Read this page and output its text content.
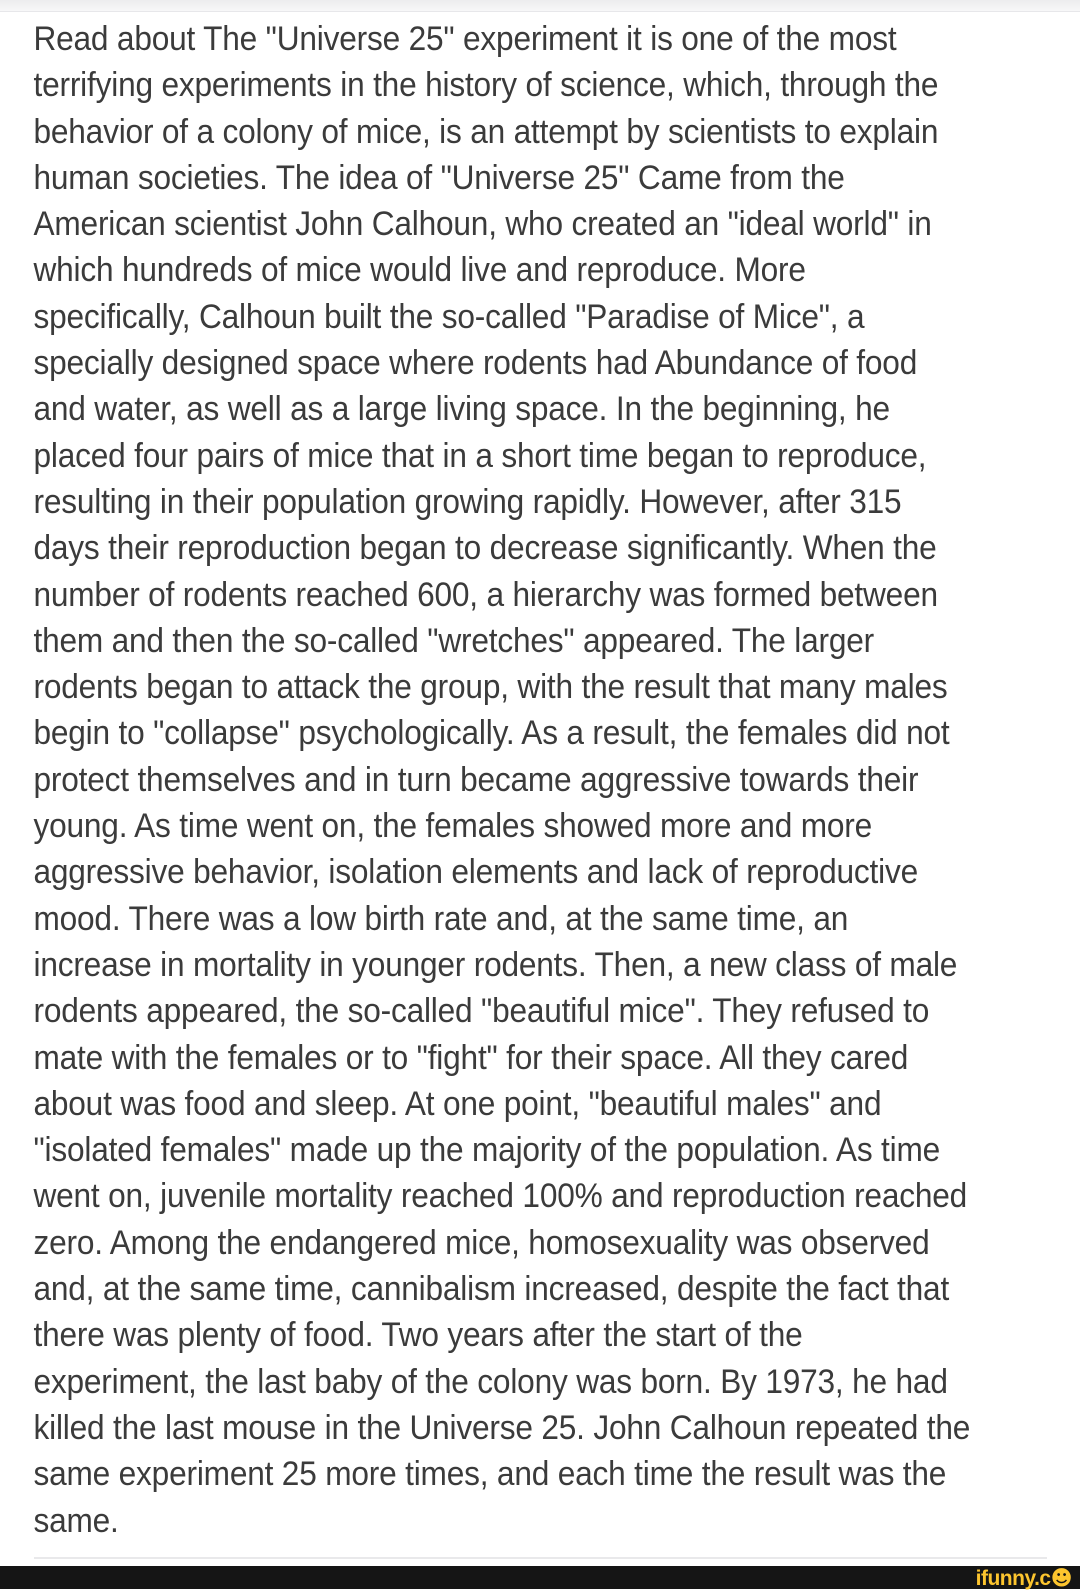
Read about The "Universe 25" experiment it is one of the most
terrifying experiments in the history of science, which, through the
behavior of a colony of mice, is an attempt by scientists to explain
human societies. The idea of "Universe 25" Came from the
American scientist John Calhoun, who created an "ideal world" in
which hundreds of mice would live and reproduce. More
specifically, Calhoun built the so-called "Paradise of Mice", a
specially designed space where rodents had Abundance of food
and water, as well as a large living space. In the beginning, he
placed four pairs of mice that in a short time began to reproduce,
resulting in their population growing rapidly. However, after 315
days their reproduction began to decrease significantly. When the
number of rodents reached 600, a hierarchy was formed between
them and then the so-called "wretches" appeared. The larger
rodents began to attack the group, with the result that many males
begin to "collapse" psychologically. As a result, the females did not
protect themselves and in turn became aggressive towards their
young. As time went on, the females showed more and more
aggressive behavior, isolation elements and lack of reproductive
mood. There was a low birth rate and, at the same time, an
increase in mortality in younger rodents. Then, a new class of male
rodents appeared, the so-called "beautiful mice". They refused to
mate with the females or to "fight" for their space. All they cared
about was food and sleep. At one point, "beautiful males" and
"isolated females" made up the majority of the population. As time
went on, juvenile mortality reached 100% and reproduction reached
zero. Among the endangered mice, homosexuality was observed
and, at the same time, cannibalism increased, despite the fact that
there was plenty of food. Two years after the start of the
experiment, the last baby of the colony was born. By 1973, he had
killed the last mouse in the Universe 25. John Calhoun repeated the
same experiment 25 more times, and each time the result was the
same.
ifunny.c☻
